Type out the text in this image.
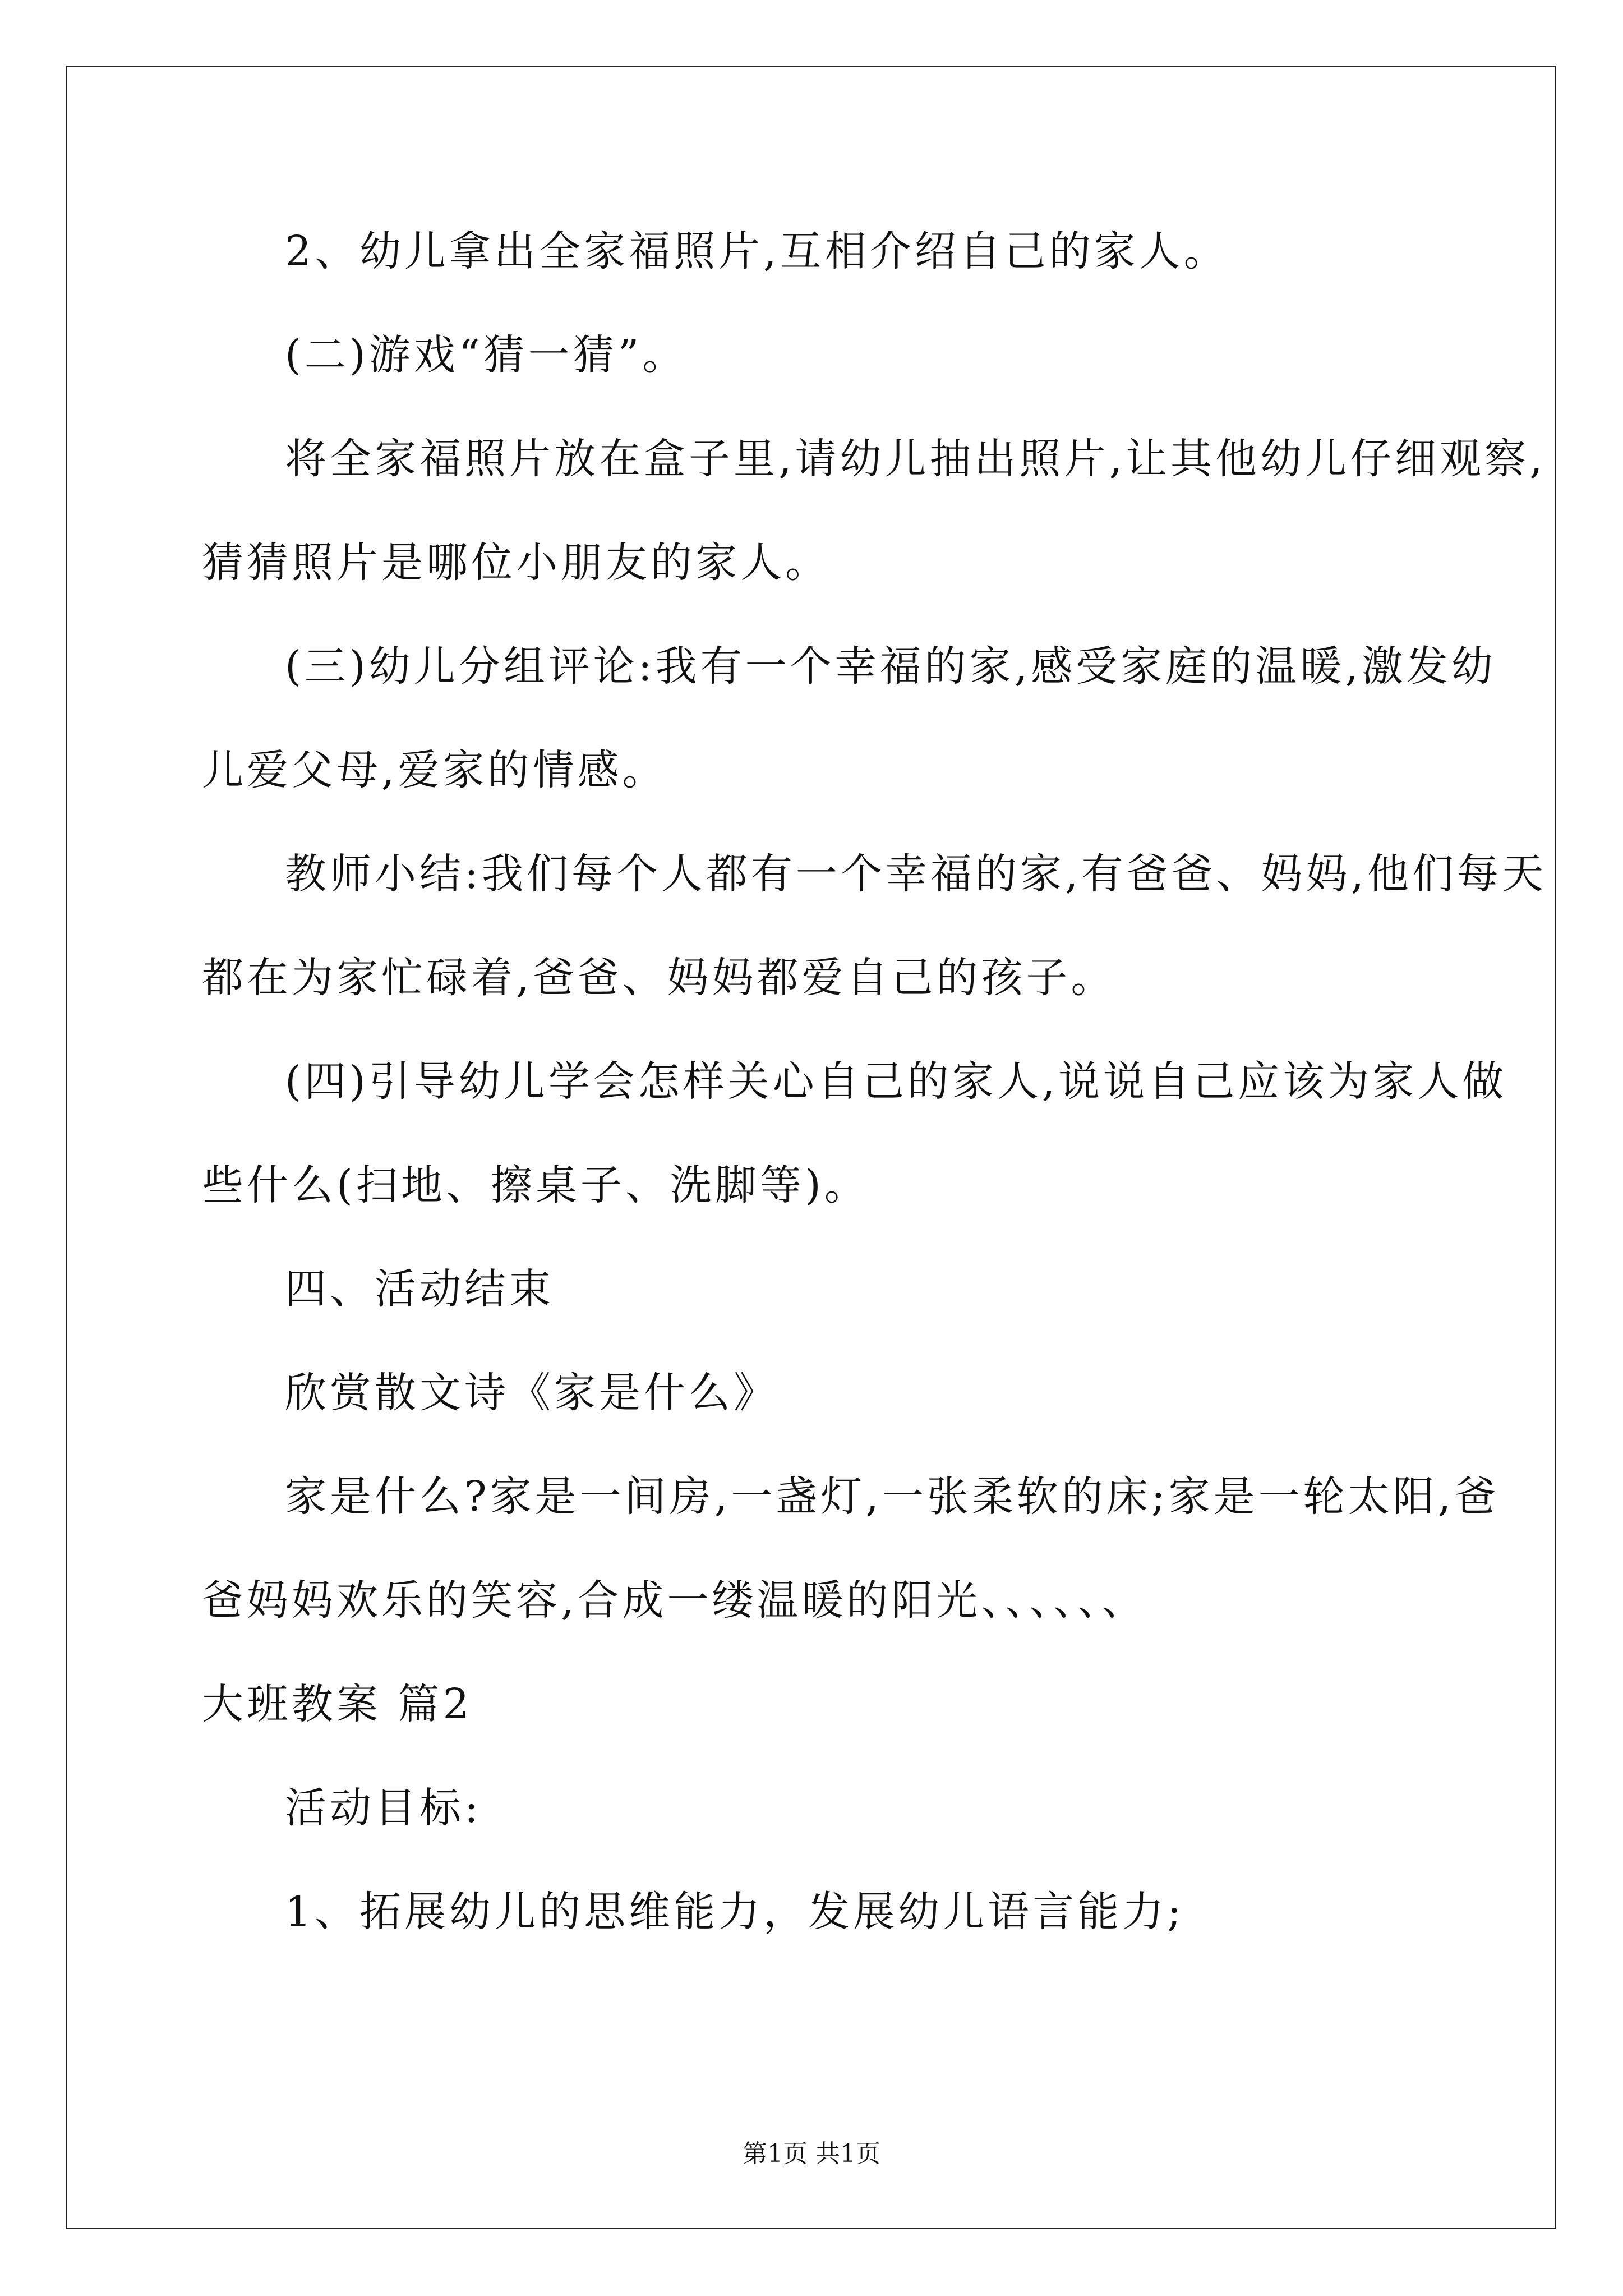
2、幼儿拿出全家福照片,互相介绍自己的家人。
(二)游戏“猜一猜”。
将全家福照片放在盒子里,请幼儿抽出照片,让其他幼儿仔细观察,
猜猜照片是哪位小朋友的家人。
(三)幼儿分组评论:我有一个幸福的家,感受家庭的温暖,激发幼
儿爱父母,爱家的情感。
教师小结:我们每个人都有一个幸福的家,有爸爸、妈妈,他们每天
都在为家忙碌着,爸爸、妈妈都爱自己的孩子。
(四)引导幼儿学会怎样关心自己的家人,说说自己应该为家人做
些什么(扫地、擦桌子、洗脚等)。
四、活动结束
欣赏散文诗《家是什么》
家是什么?家是一间房,一盏灯,一张柔软的床;家是一轮太阳,爸
爸妈妈欢乐的笑容,合成一缕温暖的阳光、、、、、、
大班教案 篇2
活动目标:
1、拓展幼儿的思维能力，发展幼儿语言能力;
第1页 共1页
